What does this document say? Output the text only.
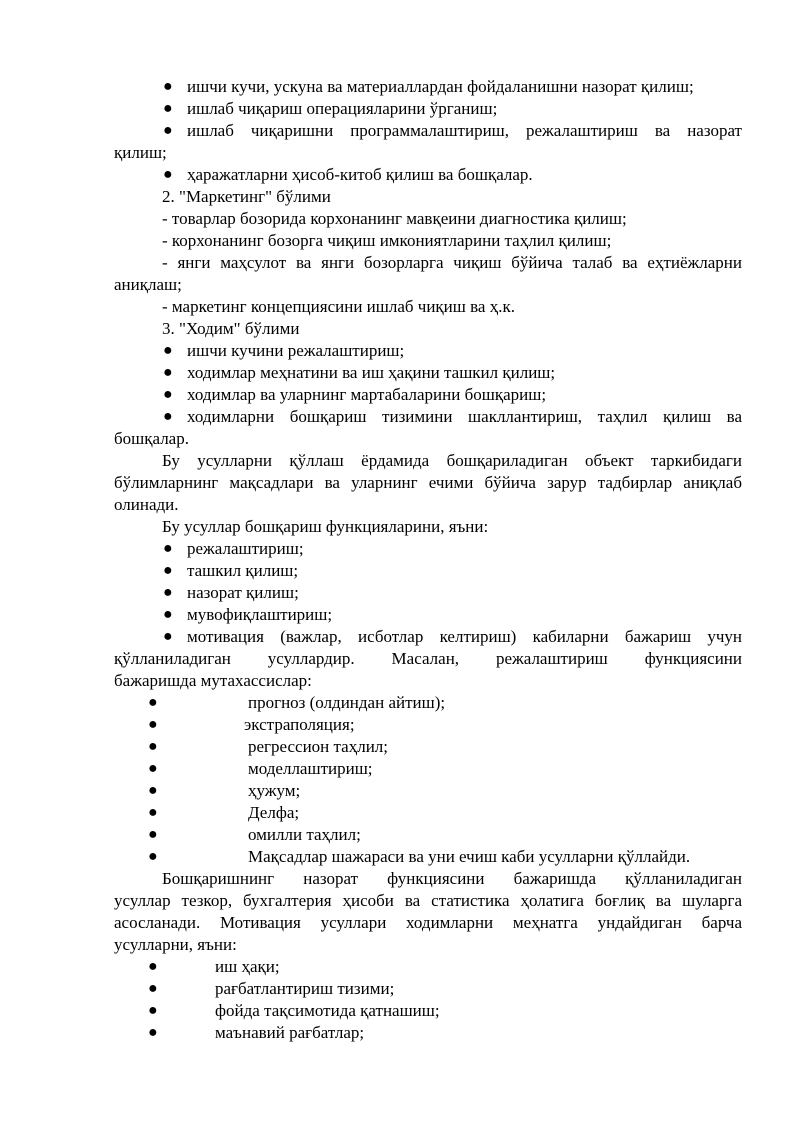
● ишчи кучи, ускуна ва материаллардан фойдаланишни назорат қилиш;
● ишлаб чиқариш операцияларини ўрганиш;
● ишлаб чиқаришни программалаштириш, режалаштириш ва назорат
қилиш;
● ҳаражатларни ҳисоб-китоб қилиш ва бошқалар.
2. "Маркетинг" бўлими
- товарлар бозорида корхонанинг мавқеини диагностика қилиш;
- корхонанинг бозорга чиқиш имкониятларини таҳлил қилиш;
- янги маҳсулот ва янги бозорларга чиқиш бўйича талаб ва еҳтиёжларни
аниқлаш;
- маркетинг концепциясини ишлаб чиқиш ва ҳ.к.
3. "Ходим" бўлими
● ишчи кучини режалаштириш;
● ходимлар меҳнатини ва иш ҳақини ташкил қилиш;
● ходимлар ва уларнинг мартабаларини бошқариш;
● ходимларни бошқариш тизимини шакллантириш, таҳлил қилиш ва
бошқалар.
Бу усулларни қўллаш ёрдамида бошқариладиган объект таркибидаги
бўлимларнинг мақсадлари ва уларнинг ечими бўйича зарур тадбирлар аниқлаб
олинади.
Бу усуллар бошқариш функцияларини, яъни:
● режалаштириш;
● ташкил қилиш;
● назорат қилиш;
● мувофиқлаштириш;
● мотивация (важлар, исботлар келтириш) кабиларни бажариш учун
қўлланиладиган усуллардир. Масалан, режалаштириш функциясини
бажаришда мутахассислар:
●	прогноз (олдиндан айтиш);
●	экстраполяция;
●	регрессион таҳлил;
●	моделлаштириш;
●	ҳужум;
●	Делфа;
●	омилли таҳлил;
●	Мақсадлар шажараси ва уни ечиш каби усулларни қўллайди.
Бошқаришнинг назорат функциясини бажаришда қўлланиладиган
усуллар тезкор, бухгалтерия ҳисоби ва статистика ҳолатига боғлиқ ва шуларга
асосланади. Мотивация усуллари ходимларни меҳнатга ундайдиган барча
усулларни, яъни:
●	иш ҳақи;
●	рағбатлантириш тизими;
●	фойда тақсимотида қатнашиш;
●	маънавий рағбатлар;
